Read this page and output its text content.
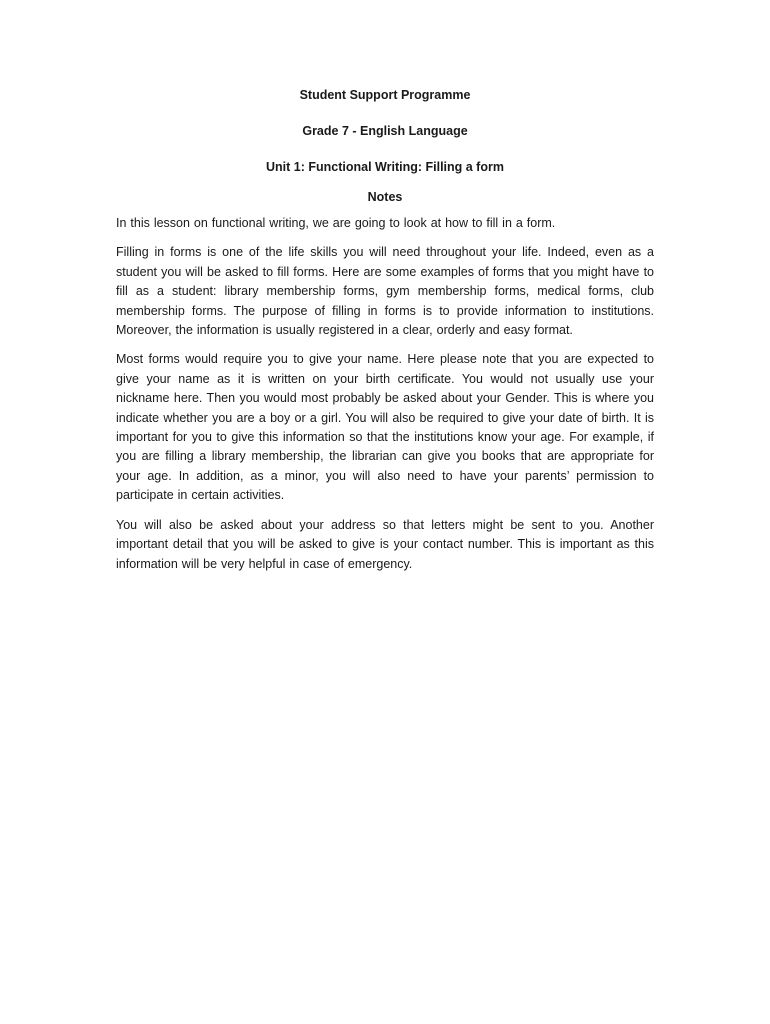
Student Support Programme
Grade 7 - English Language
Unit 1: Functional Writing: Filling a form
Notes

In this lesson on functional writing, we are going to look at how to fill in a form.

Filling in forms is one of the life skills you will need throughout your life. Indeed, even as a student you will be asked to fill forms. Here are some examples of forms that you might have to fill as a student: library membership forms, gym membership forms, medical forms, club membership forms. The purpose of filling in forms is to provide information to institutions. Moreover, the information is usually registered in a clear, orderly and easy format.

Most forms would require you to give your name. Here please note that you are expected to give your name as it is written on your birth certificate. You would not usually use your nickname here. Then you would most probably be asked about your Gender. This is where you indicate whether you are a boy or a girl. You will also be required to give your date of birth. It is important for you to give this information so that the institutions know your age. For example, if you are filling a library membership, the librarian can give you books that are appropriate for your age. In addition, as a minor, you will also need to have your parents’ permission to participate in certain activities.

You will also be asked about your address so that letters might be sent to you. Another important detail that you will be asked to give is your contact number. This is important as this information will be very helpful in case of emergency.
